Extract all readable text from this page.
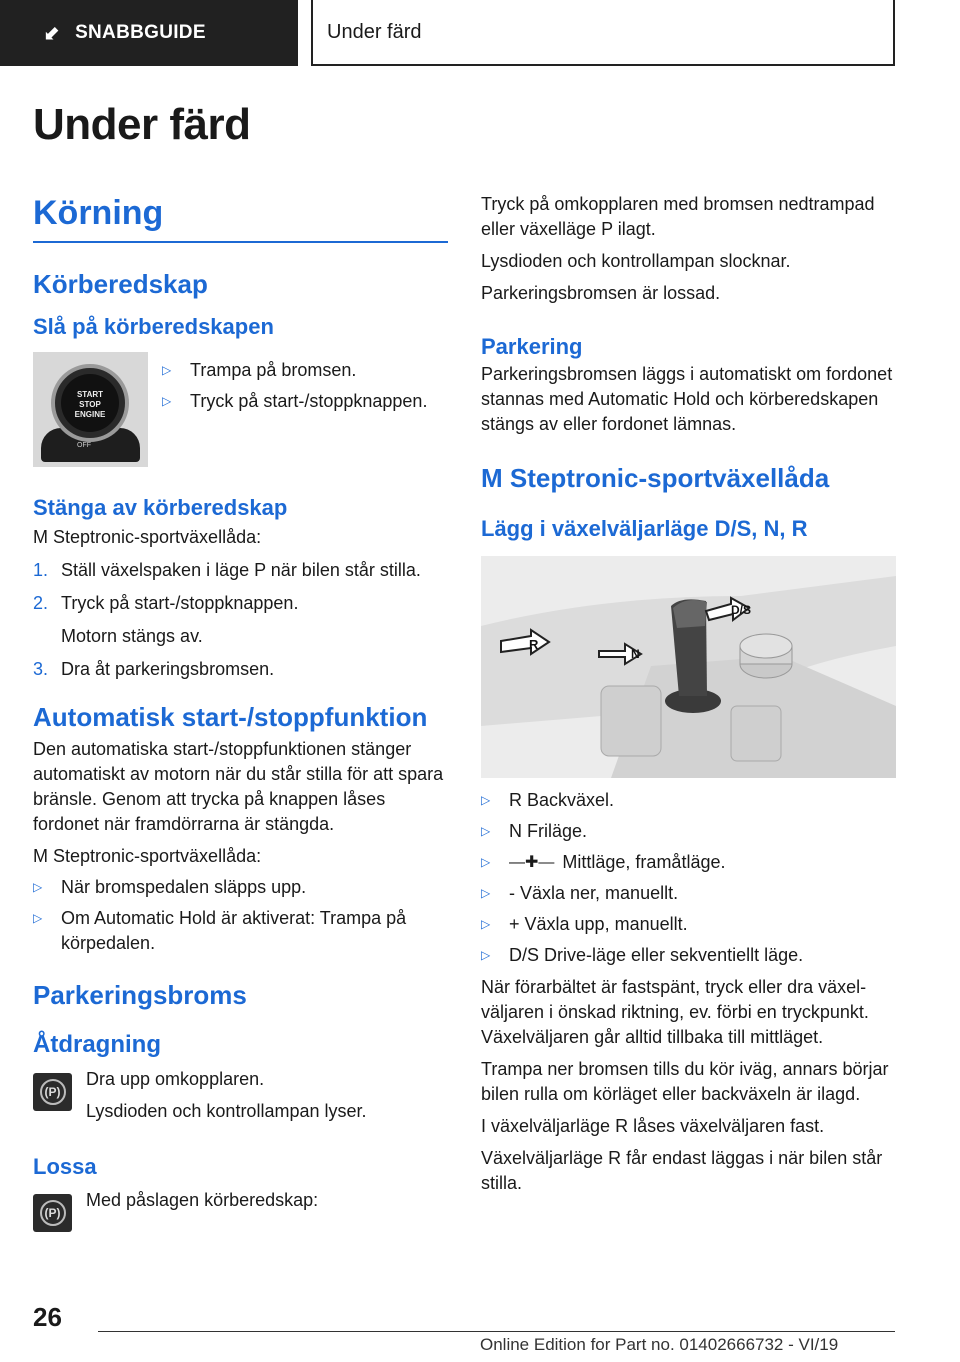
⬋ SNABBGUIDE	Under färd
Under färd
Körning
Körberedskap
Slå på körberedskapen
START
STOP
ENGINE
OFF
▷	Trampa på bromsen.
▷	Tryck på start-/stoppknappen.
Stänga av körberedskap
M Steptronic-sportväxellåda:
1. Ställ växelspaken i läge P när bilen står stilla.
2. Tryck på start-/stoppknappen.
Motorn stängs av.
3. Dra åt parkeringsbromsen.
Automatisk start-/stoppfunktion
Den automatiska start-/stoppfunktionen stänger automatiskt av motorn när du står stilla för att spara bränsle. Genom att trycka på knappen låses fordonet när framdörrarna är stängda.
M Steptronic-sportväxellåda:
▷	När bromspedalen släpps upp.
▷	Om Automatic Hold är aktiverat: Trampa på körpedalen.
Parkeringsbroms
Åtdragning
(P)
Dra upp omkopplaren.
Lysdioden och kontrollampan lyser.
Lossa
(P)
Med påslagen körberedskap:
Tryck på omkopplaren med bromsen nedtrampad eller växelläge P ilagt.
Lysdioden och kontrollampan slocknar.
Parkeringsbromsen är lossad.
Parkering
Parkeringsbromsen läggs i automatiskt om fordonet stannas med Automatic Hold och körberedskapen stängs av eller fordonet lämnas.
M Steptronic-sportväxellåda
Lägg i växelväljarläge D/S, N, R
R
N
D/S
▷	R Backväxel.
▷	N Friläge.
▷	—✚— Mittläge, framåtläge.
▷	- Växla ner, manuellt.
▷	+ Växla upp, manuellt.
▷	D/S Drive-läge eller sekventiellt läge.
När förarbältet är fastspänt, tryck eller dra växelväljaren i önskad riktning, ev. förbi en tryckpunkt. Växelväljaren går alltid tillbaka till mittläget.
Trampa ner bromsen tills du kör iväg, annars börjar bilen rulla om körläget eller backväxeln är ilagd.
I växelväljarläge R låses växelväljaren fast.
Växelväljarläge R får endast läggas i när bilen står stilla.
26
Online Edition for Part no. 01402666732 - VI/19
